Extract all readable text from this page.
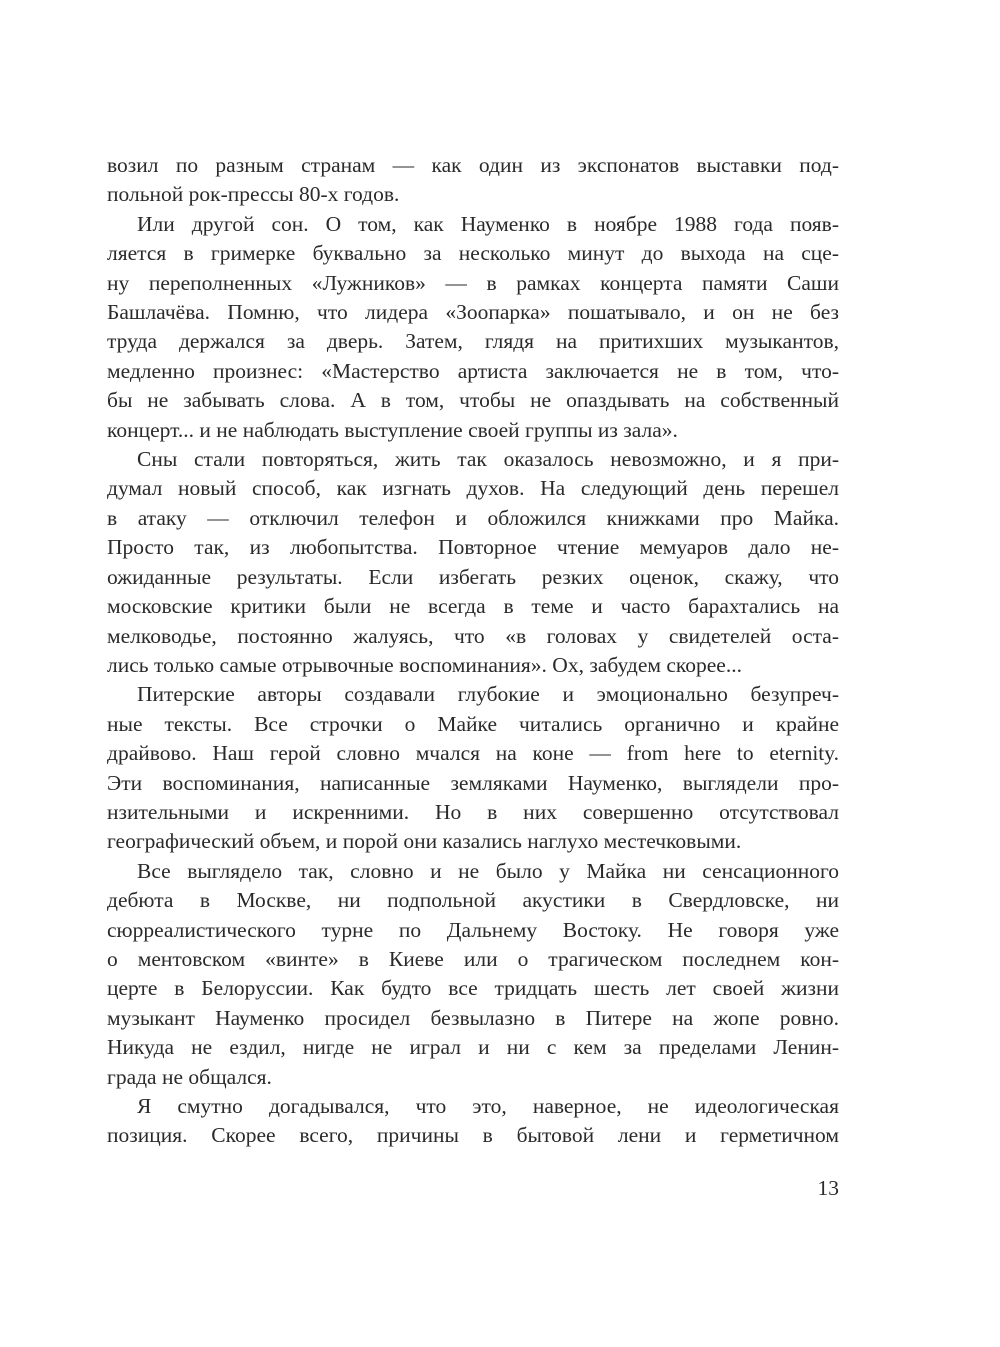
возил по разным странам — как один из экспонатов выставки под-
польной рок-прессы 80-х годов.
Или другой сон. О том, как Науменко в ноябре 1988 года появ-
ляется в гримерке буквально за несколько минут до выхода на сце-
ну переполненных «Лужников» — в рамках концерта памяти Саши
Башлачёва. Помню, что лидера «Зоопарка» пошатывало, и он не без
труда держался за дверь. Затем, глядя на притихших музыкантов,
медленно произнес: «Мастерство артиста заключается не в том, что-
бы не забывать слова. А в том, чтобы не опаздывать на собственный
концерт... и не наблюдать выступление своей группы из зала».
Сны стали повторяться, жить так оказалось невозможно, и я при-
думал новый способ, как изгнать духов. На следующий день перешел
в атаку — отключил телефон и обложился книжками про Майка.
Просто так, из любопытства. Повторное чтение мемуаров дало не-
ожиданные результаты. Если избегать резких оценок, скажу, что
московские критики были не всегда в теме и часто барахтались на
мелководье, постоянно жалуясь, что «в головах у свидетелей оста-
лись только самые отрывочные воспоминания». Ох, забудем скорее...
Питерские авторы создавали глубокие и эмоционально безупреч-
ные тексты. Все строчки о Майке читались органично и крайне
драйвово. Наш герой словно мчался на коне — from here to eternity.
Эти воспоминания, написанные земляками Науменко, выглядели про-
нзительными и искренними. Но в них совершенно отсутствовал
географический объем, и порой они казались наглухо местечковыми.
Все выглядело так, словно и не было у Майка ни сенсационного
дебюта в Москве, ни подпольной акустики в Свердловске, ни
сюрреалистического турне по Дальнему Востоку. Не говоря уже
о ментовском «винте» в Киеве или о трагическом последнем кон-
церте в Белоруссии. Как будто все тридцать шесть лет своей жизни
музыкант Науменко просидел безвылазно в Питере на жопе ровно.
Никуда не ездил, нигде не играл и ни с кем за пределами Ленин-
града не общался.
Я смутно догадывался, что это, наверное, не идеологическая
позиция. Скорее всего, причины в бытовой лени и герметичном
13
